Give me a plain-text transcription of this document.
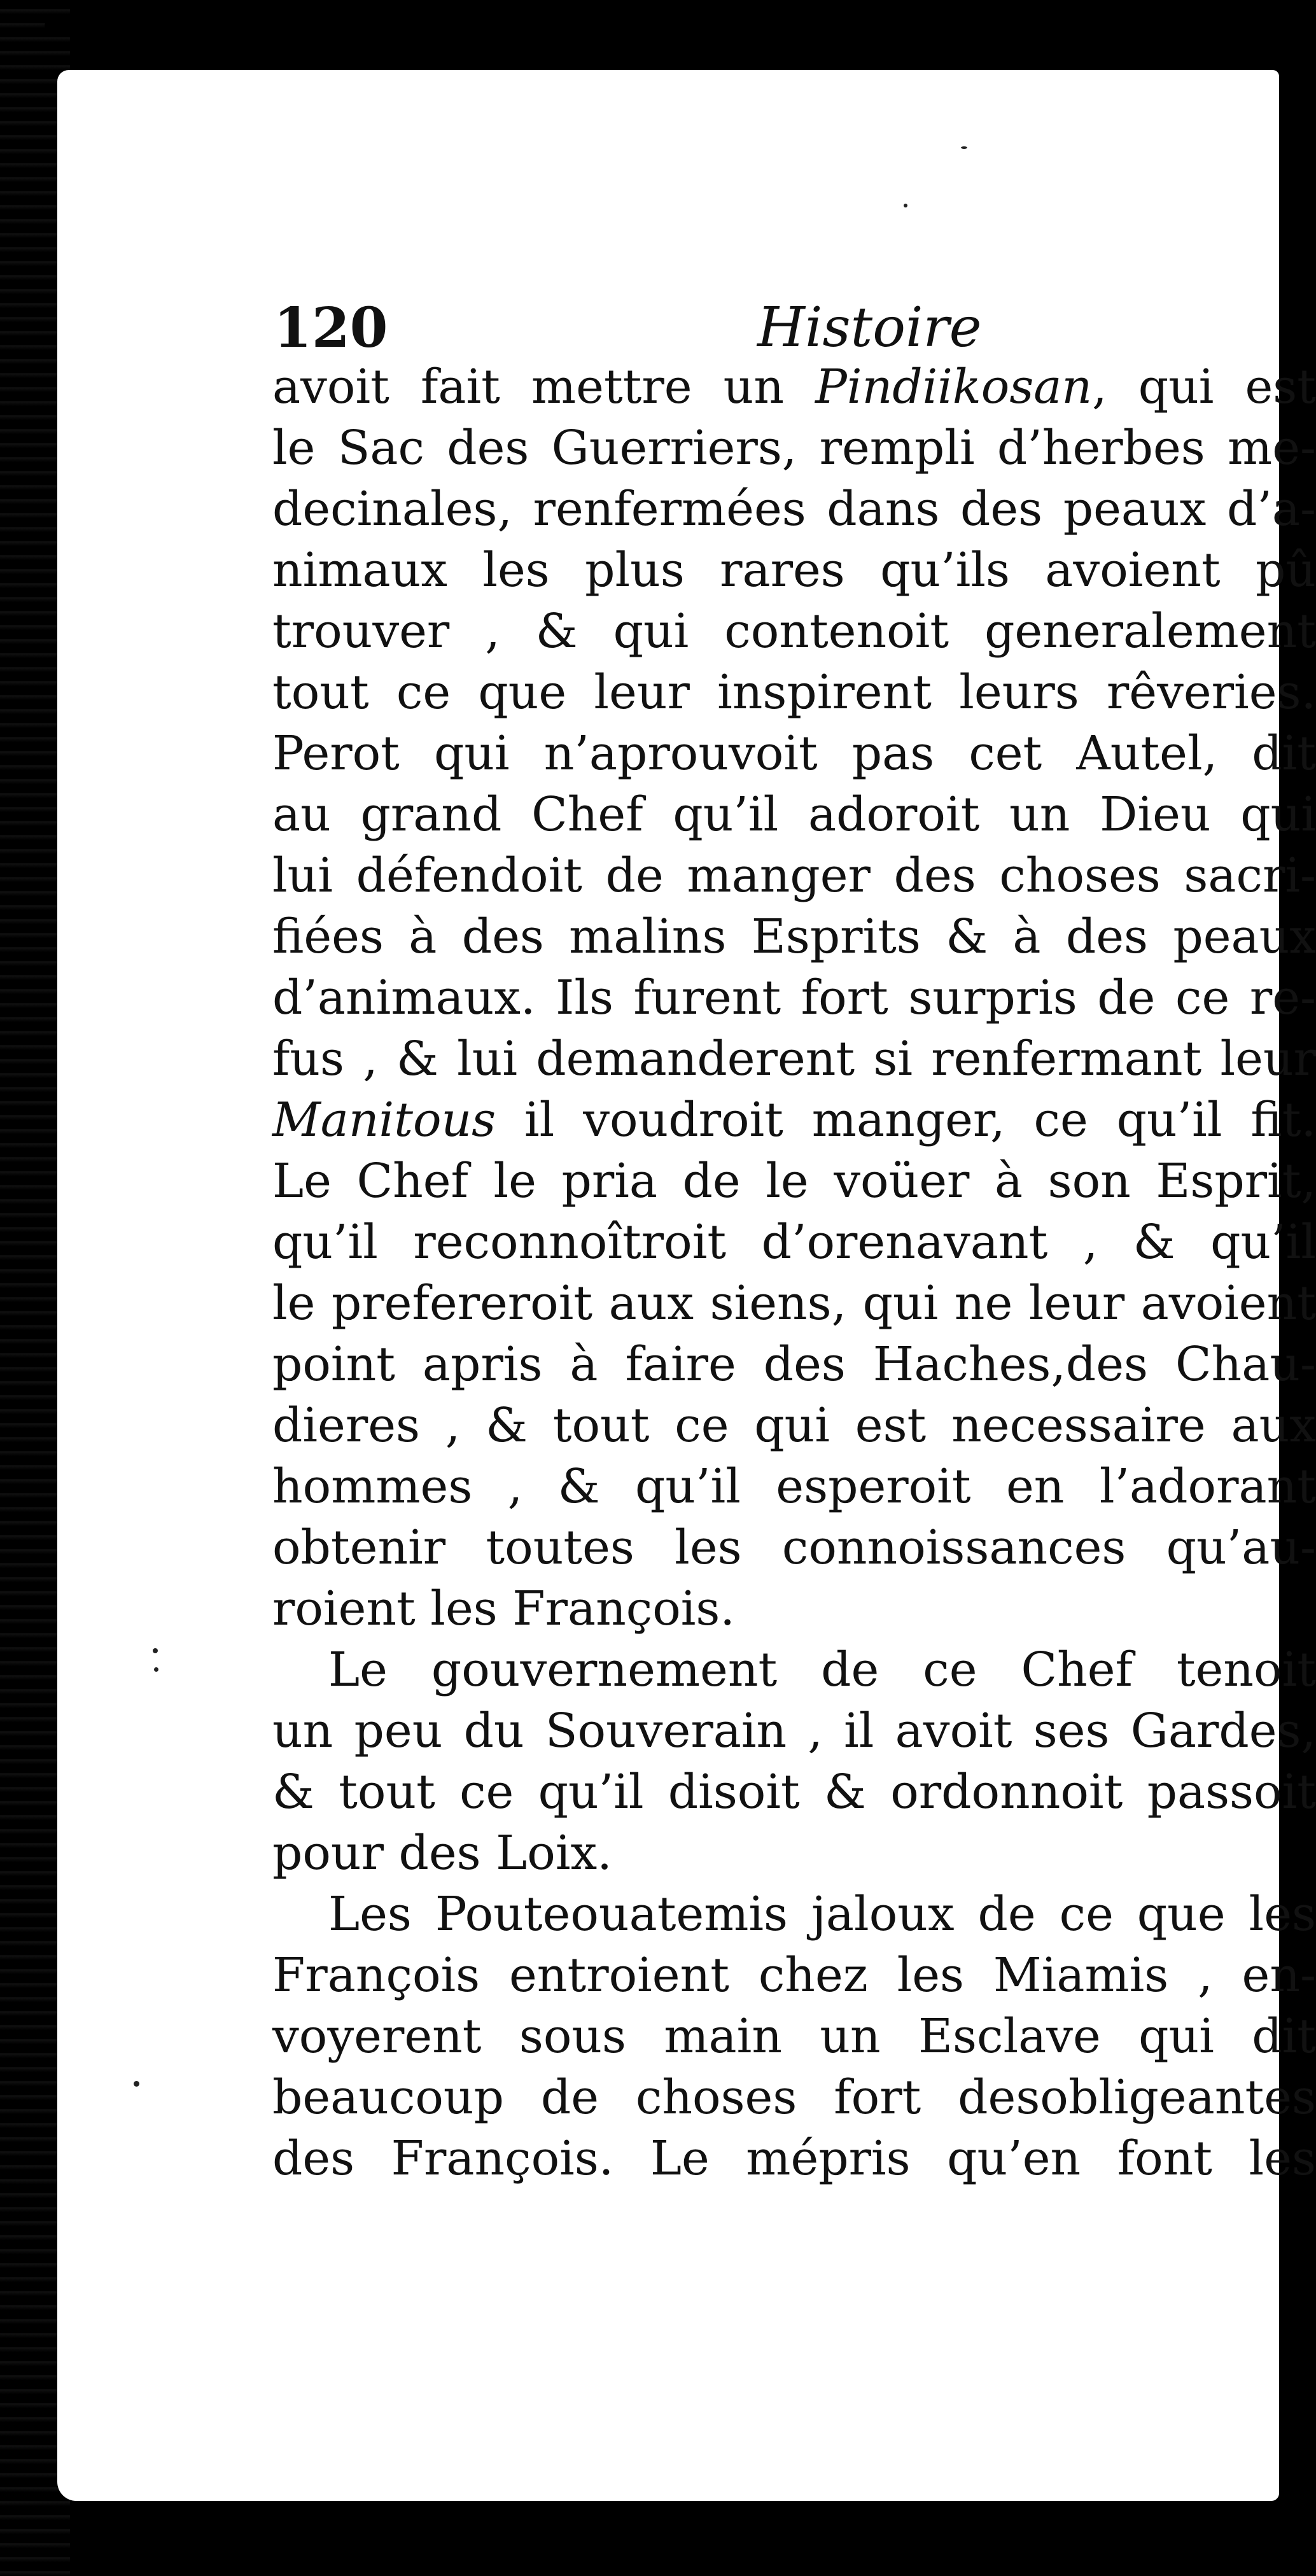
120	Histoire
avoit fait mettre un Pindiikosan, qui est
le Sac des Guerriers, rempli d’herbes me-
decinales, renfermées dans des peaux d’a-
nimaux les plus rares qu’ils avoient pû
trouver , & qui contenoit generalement
tout ce que leur inspirent leurs rêveries.
Perot qui n’aprouvoit pas cet Autel, dit
au grand Chef qu’il adoroit un Dieu qui
lui défendoit de manger des choses sacri-
fiées à des malins Esprits & à des peaux
d’animaux. Ils furent fort surpris de ce re-
fus , & lui demanderent si renfermant leur
Manitous il voudroit manger, ce qu’il fit.
Le Chef le pria de le voüer à son Esprit,
qu’il reconnoîtroit d’orenavant , & qu’il
le prefereroit aux siens, qui ne leur avoient
point apris à faire des Haches,des Chau-
dieres , & tout ce qui est necessaire aux
hommes , & qu’il esperoit en l’adorant
obtenir toutes les connoissances qu’au-
roient les François.
Le gouvernement de ce Chef tenoit
un peu du Souverain , il avoit ses Gardes,
& tout ce qu’il disoit & ordonnoit passoit
pour des Loix.
Les Pouteouatemis jaloux de ce que les
François entroient chez les Miamis , en-
voyerent sous main un Esclave qui dit
beaucoup de choses fort desobligeantes
des François. Le mépris qu’en font les
